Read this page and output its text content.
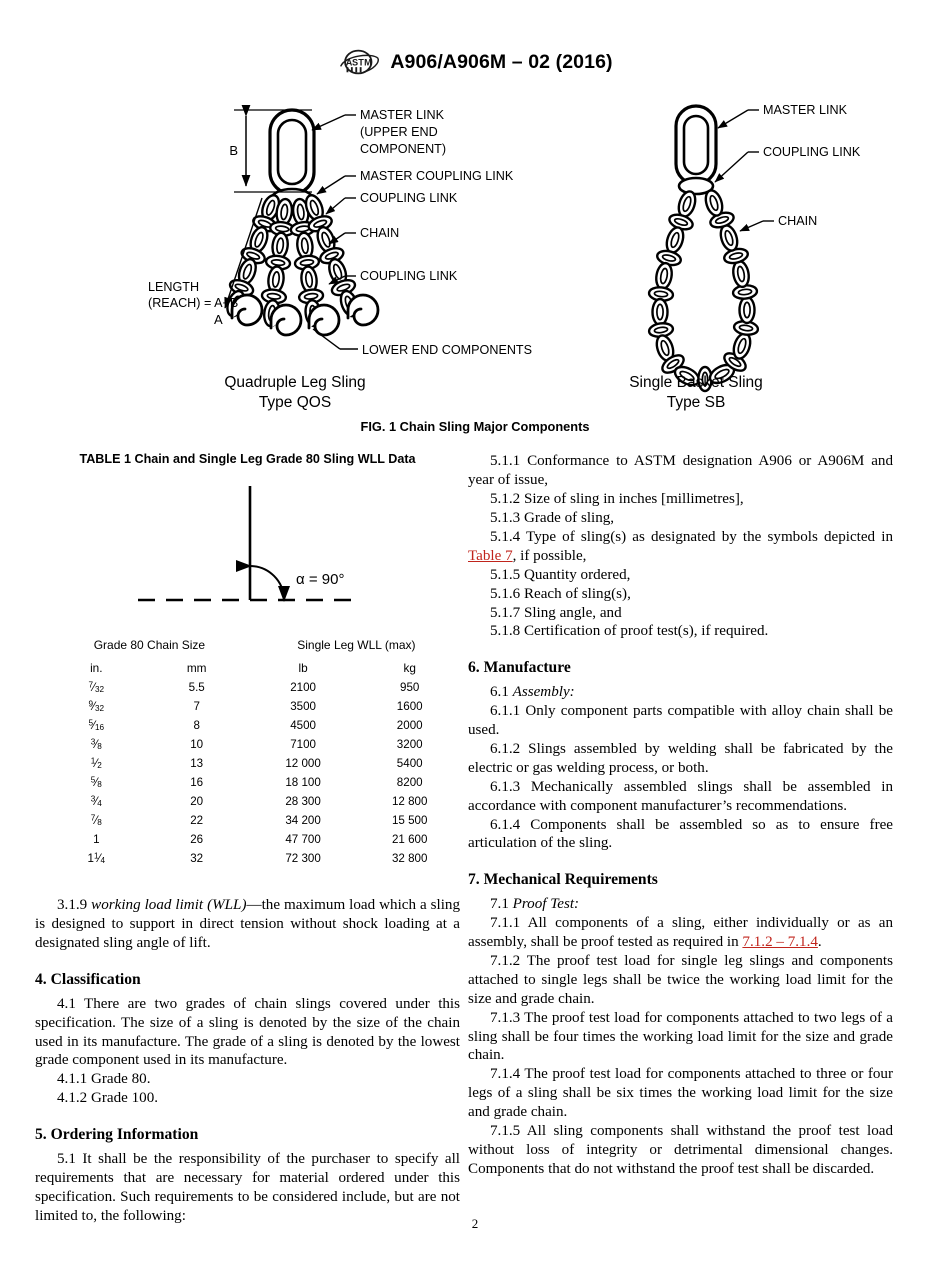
A S T M A906/A906M – 02 (2016)
B
A
LENGTH
(REACH) = A+B
MASTER LINK
(UPPER END
COMPONENT)
MASTER COUPLING LINK
COUPLING LINK
CHAIN
COUPLING LINK
LOWER END COMPONENTS
Quadruple Leg Sling
Type QOS
MASTER LINK
COUPLING LINK
CHAIN
Single Basket Sling
Type SB
FIG. 1 Chain Sling Major Components
TABLE 1 Chain and Single Leg Grade 80 Sling WLL Data
α = 90°
Grade 80 Chain Size		Single Leg WLL (max)	
in.	mm	lb	kg
$^7⁄_{32}$	5.5	2100	950
$^9⁄_{32}$	7	3500	1600
$^5⁄_{16}$	8	4500	2000
$^3⁄_8$	10	7100	3200
$^1⁄_2$	13	12 000	5400
$^5⁄_8$	16	18 100	8200
$^3⁄_4$	20	28 300	12 800
$^7⁄_8$	22	34 200	15 500
1	26	47 700	21 600
$1^1⁄_4$	32	72 300	32 800

3.1.9 working load limit (WLL)—the maximum load which a sling is designed to support in direct tension without shock loading at a designated sling angle of lift.

4. Classification

4.1 There are two grades of chain slings covered under this specification. The size of a sling is denoted by the size of the chain used in its manufacture. The grade of a sling is denoted by the lowest grade component used in its manufacture.

4.1.1 Grade 80.

4.1.2 Grade 100.

5. Ordering Information

5.1 It shall be the responsibility of the purchaser to specify all requirements that are necessary for material ordered under this specification. Such requirements to be considered include, but are not limited to, the following:

5.1.1 Conformance to ASTM designation A906 or A906M and year of issue,

5.1.2 Size of sling in inches [millimetres],

5.1.3 Grade of sling,

5.1.4 Type of sling(s) as designated by the symbols depicted in Table 7, if possible,

5.1.5 Quantity ordered,

5.1.6 Reach of sling(s),

5.1.7 Sling angle, and

5.1.8 Certification of proof test(s), if required.

6. Manufacture

6.1 Assembly:

6.1.1 Only component parts compatible with alloy chain shall be used.

6.1.2 Slings assembled by welding shall be fabricated by the electric or gas welding process, or both.

6.1.3 Mechanically assembled slings shall be assembled in accordance with component manufacturer’s recommendations.

6.1.4 Components shall be assembled so as to ensure free articulation of the sling.

7. Mechanical Requirements

7.1 Proof Test:

7.1.1 All components of a sling, either individually or as an assembly, shall be proof tested as required in 7.1.2 – 7.1.4.

7.1.2 The proof test load for single leg slings and components attached to single legs shall be twice the working load limit for the size and grade chain.

7.1.3 The proof test load for components attached to two legs of a sling shall be four times the working load limit for the size and grade chain.

7.1.4 The proof test load for components attached to three or four legs of a sling shall be six times the working load limit for the size and grade chain.

7.1.5 All sling components shall withstand the proof test load without loss of integrity or detrimental dimensional changes. Components that do not withstand the proof test shall be discarded.

2
